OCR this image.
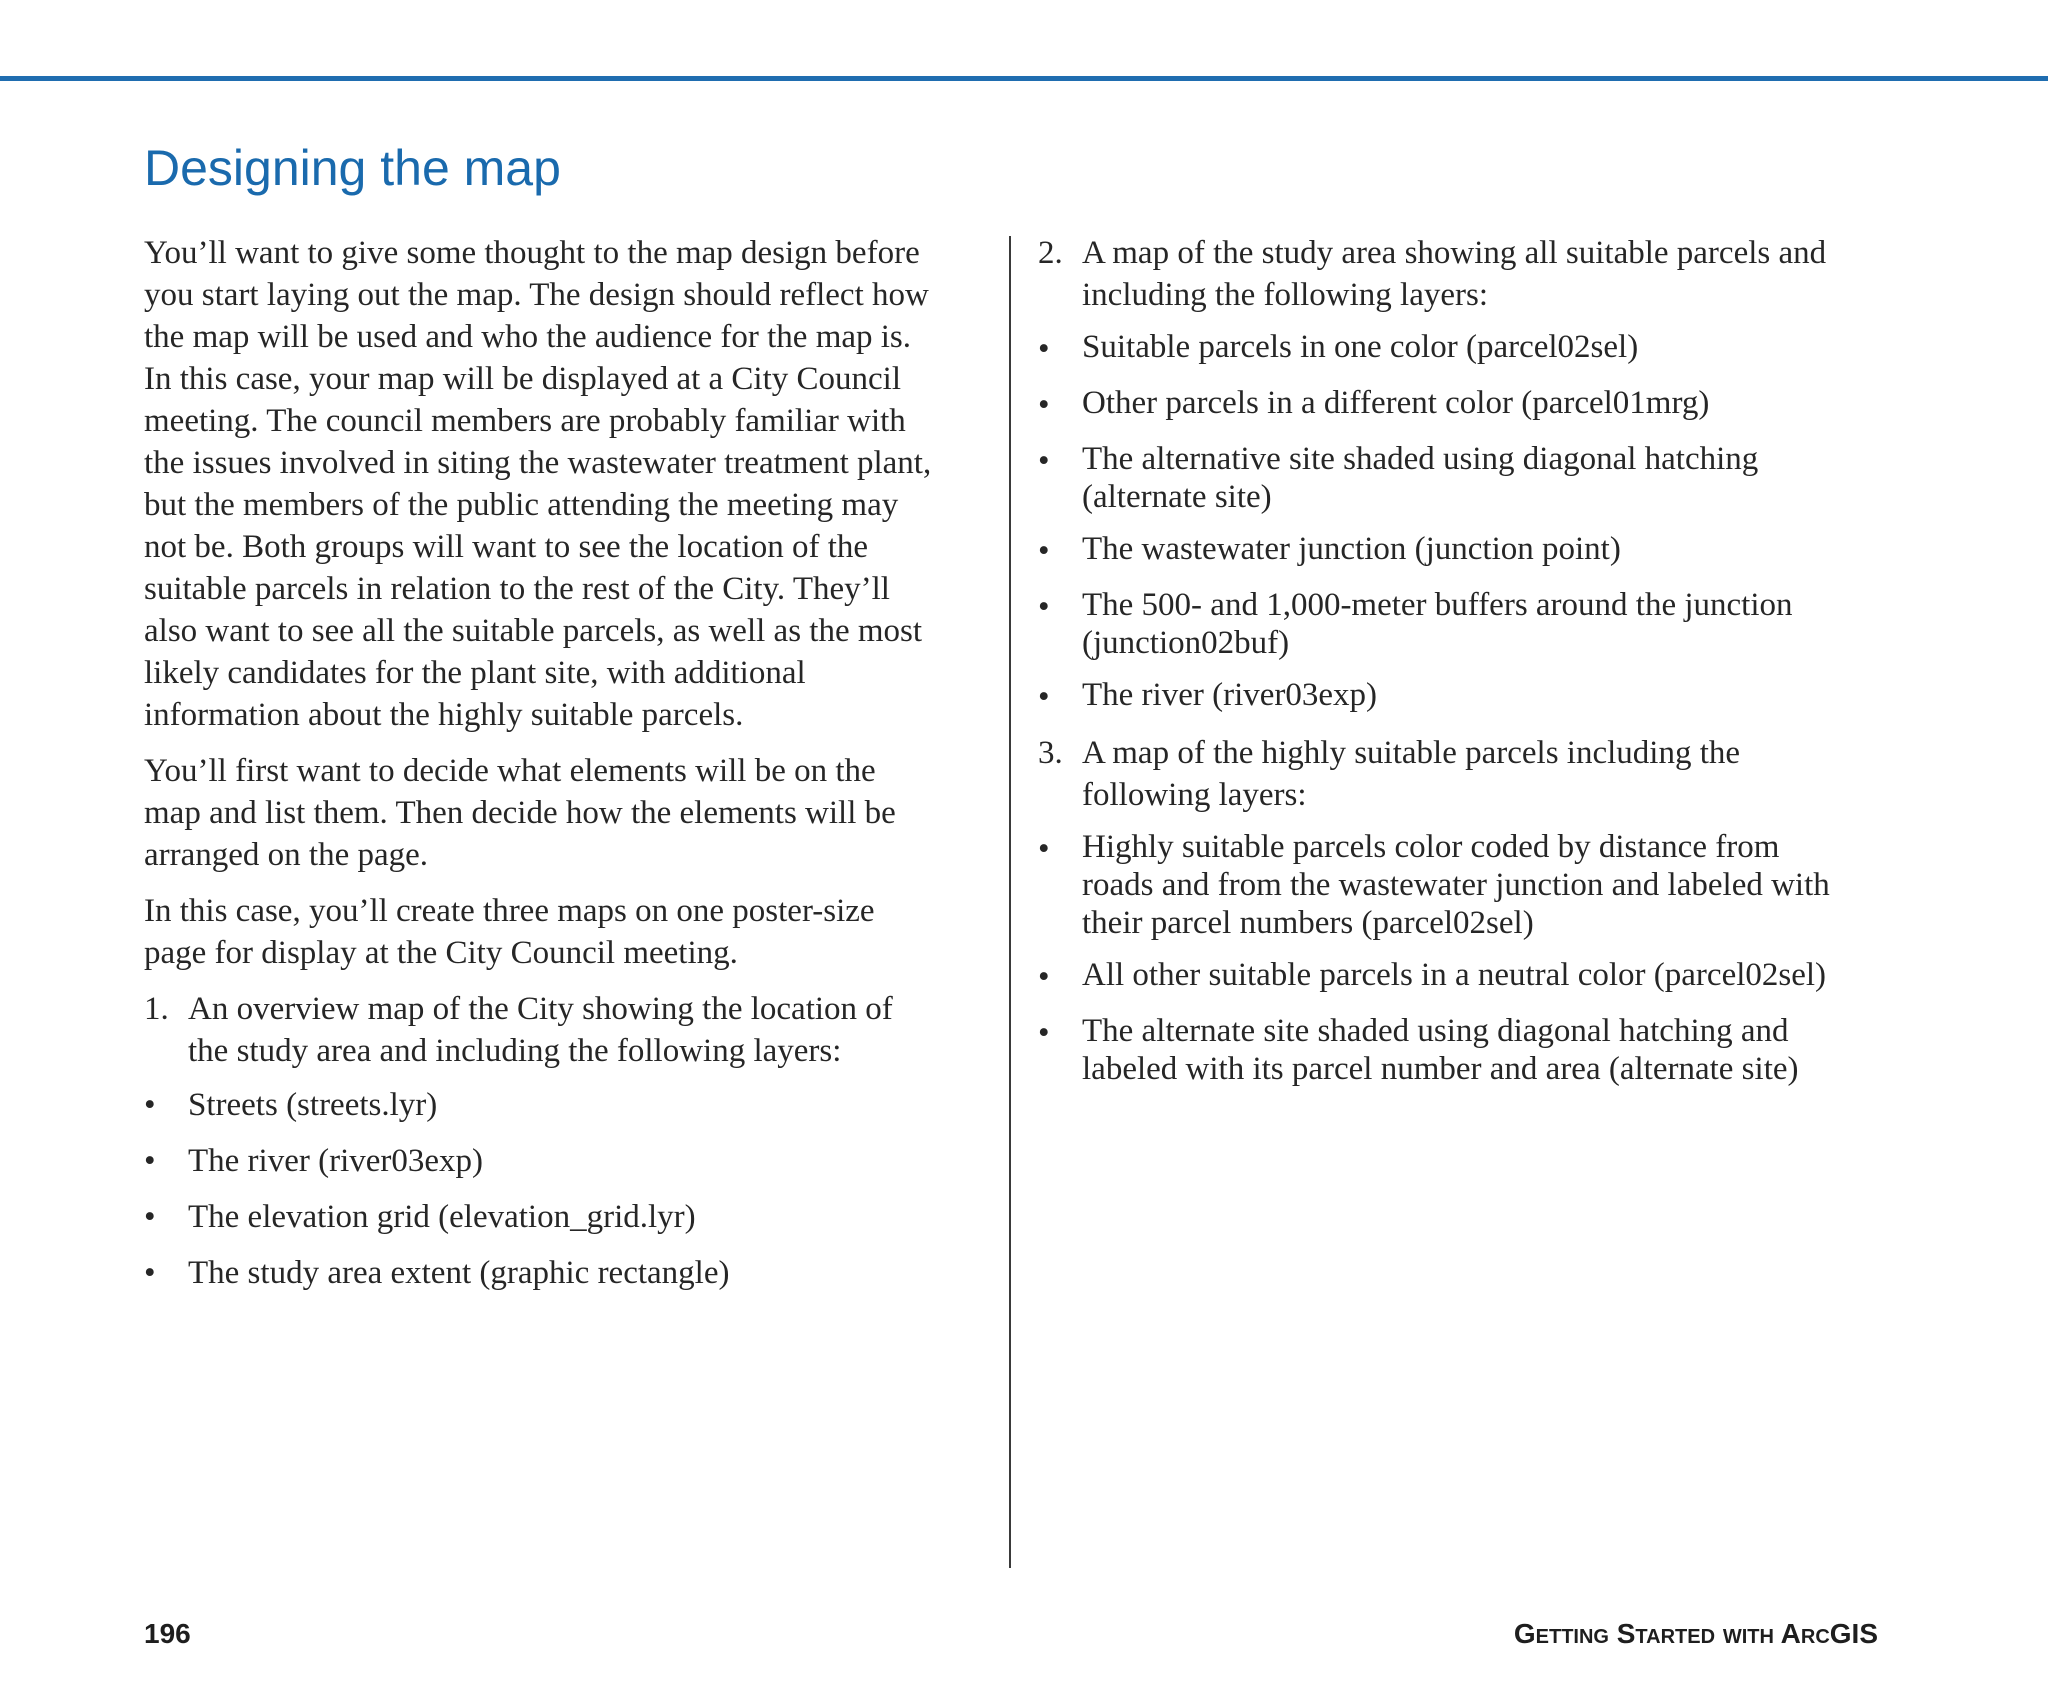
Designing the map

You’ll want to give some thought to the map design before
you start laying out the map. The design should reflect how
the map will be used and who the audience for the map is.
In this case, your map will be displayed at a City Council
meeting. The council members are probably familiar with
the issues involved in siting the wastewater treatment plant,
but the members of the public attending the meeting may
not be. Both groups will want to see the location of the
suitable parcels in relation to the rest of the City. They’ll
also want to see all the suitable parcels, as well as the most
likely candidates for the plant site, with additional
information about the highly suitable parcels.

You’ll first want to decide what elements will be on the
map and list them. Then decide how the elements will be
arranged on the page.

In this case, you’ll create three maps on one poster-size
page for display at the City Council meeting.

1. An overview map of the City showing the location of
the study area and including the following layers:
• Streets (streets.lyr)
• The river (river03exp)
• The elevation grid (elevation_grid.lyr)
• The study area extent (graphic rectangle)
2. A map of the study area showing all suitable parcels and
including the following layers:
• Suitable parcels in one color (parcel02sel)
• Other parcels in a different color (parcel01mrg)
• The alternative site shaded using diagonal hatching
(alternate site)
• The wastewater junction (junction point)
• The 500- and 1,000-meter buffers around the junction
(junction02buf)
• The river (river03exp)
3. A map of the highly suitable parcels including the
following layers:
• Highly suitable parcels color coded by distance from
roads and from the wastewater junction and labeled with
their parcel numbers (parcel02sel)
• All other suitable parcels in a neutral color (parcel02sel)
• The alternate site shaded using diagonal hatching and
labeled with its parcel number and area (alternate site)
196	Getting Started with ArcGIS
